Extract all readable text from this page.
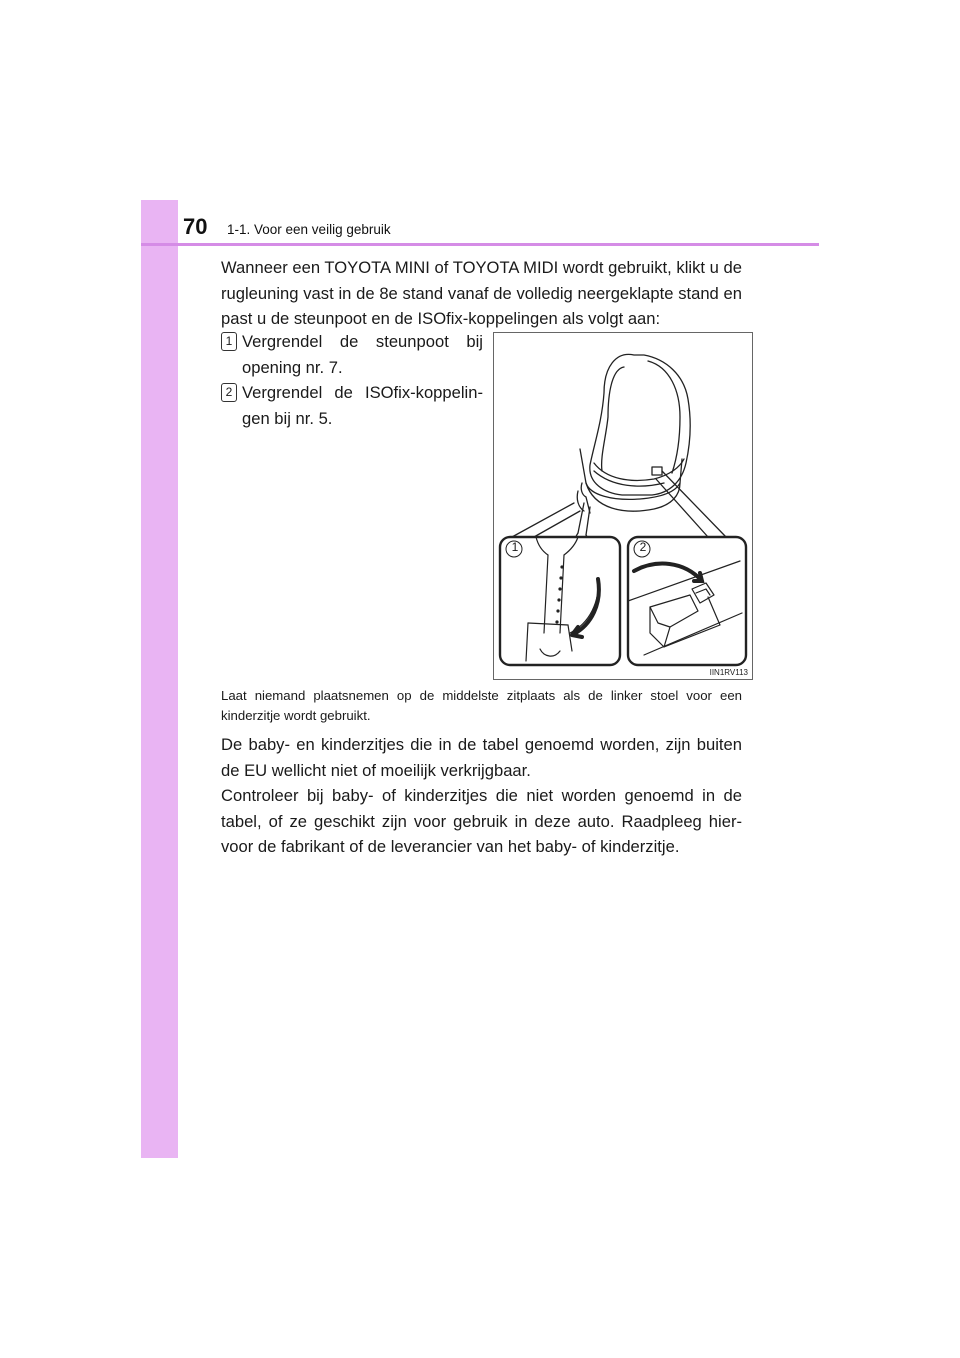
70 1-1. Voor een veilig gebruik
Wanneer een TOYOTA MINI of TOYOTA MIDI wordt gebruikt, klikt u de rugleuning vast in de 8e stand vanaf de volledig neergeklapte stand en past u de steunpoot en de ISOfix-koppelingen als volgt aan:
1 Vergrendel de steunpoot bij opening nr. 7.
2 Vergrendel de ISOfix-koppelin-gen bij nr. 5.
1	2
IIN1RV113
Laat niemand plaatsnemen op de middelste zitplaats als de linker stoel voor een kinderzitje wordt gebruikt.
De baby- en kinderzitjes die in de tabel genoemd worden, zijn buiten de EU wellicht niet of moeilijk verkrijgbaar.
Controleer bij baby- of kinderzitjes die niet worden genoemd in de tabel, of ze geschikt zijn voor gebruik in deze auto. Raadpleeg hier-voor de fabrikant of de leverancier van het baby- of kinderzitje.
